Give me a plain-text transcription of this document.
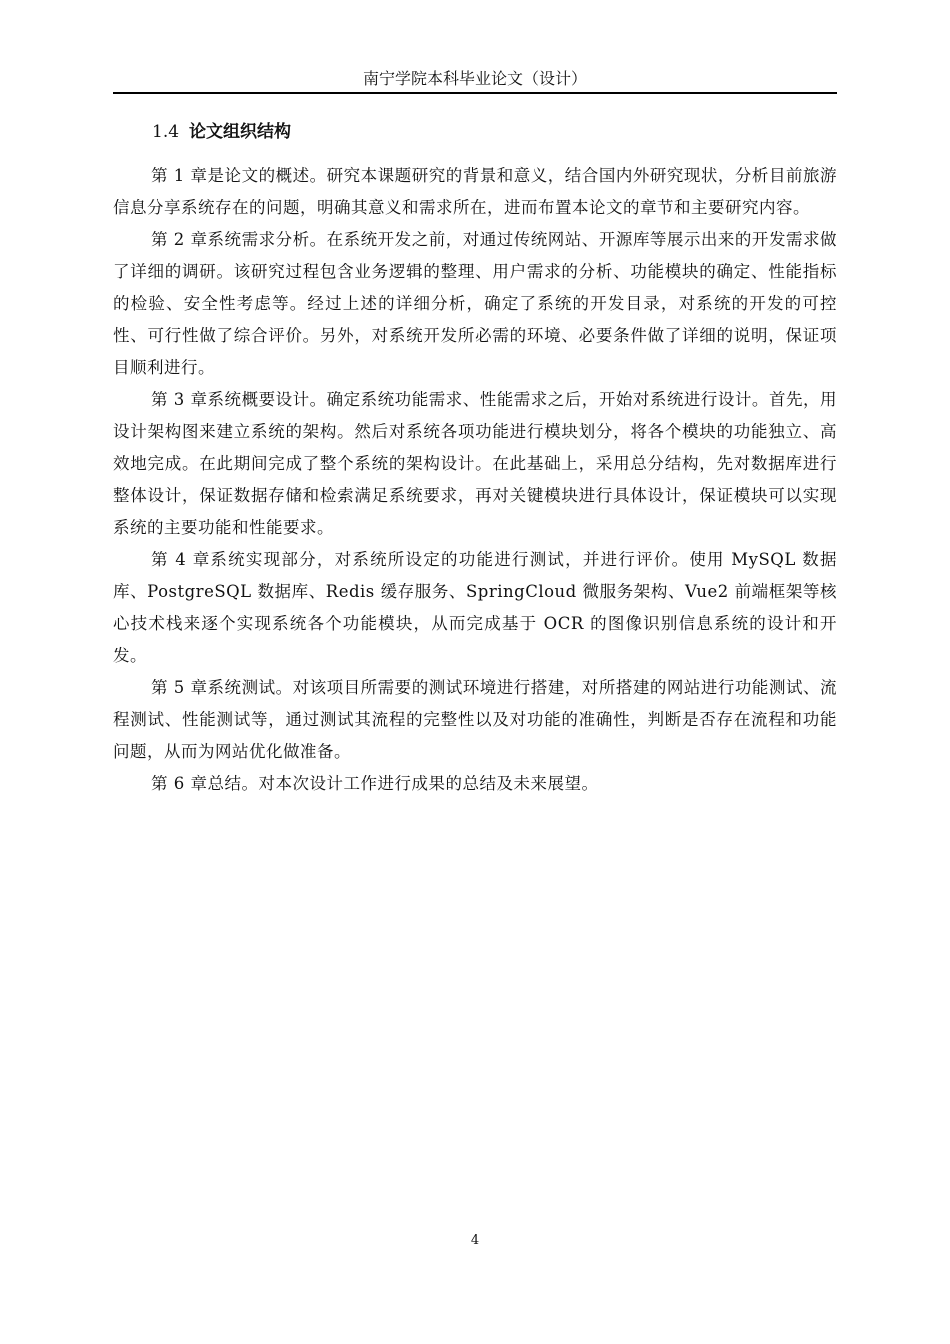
南宁学院本科毕业论文（设计）
1.4 论文组织结构

第 1 章是论文的概述。研究本课题研究的背景和意义，结合国内外研究现状，分析目前旅游信息分享系统存在的问题，明确其意义和需求所在，进而布置本论文的章节和主要研究内容。

第 2 章系统需求分析。在系统开发之前，对通过传统网站、开源库等展示出来的开发需求做了详细的调研。该研究过程包含业务逻辑的整理、用户需求的分析、功能模块的确定、性能指标的检验、安全性考虑等。经过上述的详细分析，确定了系统的开发目录，对系统的开发的可控性、可行性做了综合评价。另外，对系统开发所必需的环境、必要条件做了详细的说明，保证项目顺利进行。

第 3 章系统概要设计。确定系统功能需求、性能需求之后，开始对系统进行设计。首先，用设计架构图来建立系统的架构。然后对系统各项功能进行模块划分，将各个模块的功能独立、高效地完成。在此期间完成了整个系统的架构设计。在此基础上，采用总分结构，先对数据库进行整体设计，保证数据存储和检索满足系统要求，再对关键模块进行具体设计，保证模块可以实现系统的主要功能和性能要求。

第 4 章系统实现部分，对系统所设定的功能进行测试，并进行评价。使用 MySQL 数据库、PostgreSQL 数据库、Redis 缓存服务、SpringCloud 微服务架构、Vue2 前端框架等核心技术栈来逐个实现系统各个功能模块，从而完成基于 OCR 的图像识别信息系统的设计和开发。

第 5 章系统测试。对该项目所需要的测试环境进行搭建，对所搭建的网站进行功能测试、流程测试、性能测试等，通过测试其流程的完整性以及对功能的准确性，判断是否存在流程和功能问题，从而为网站优化做准备。

第 6 章总结。对本次设计工作进行成果的总结及未来展望。

4
